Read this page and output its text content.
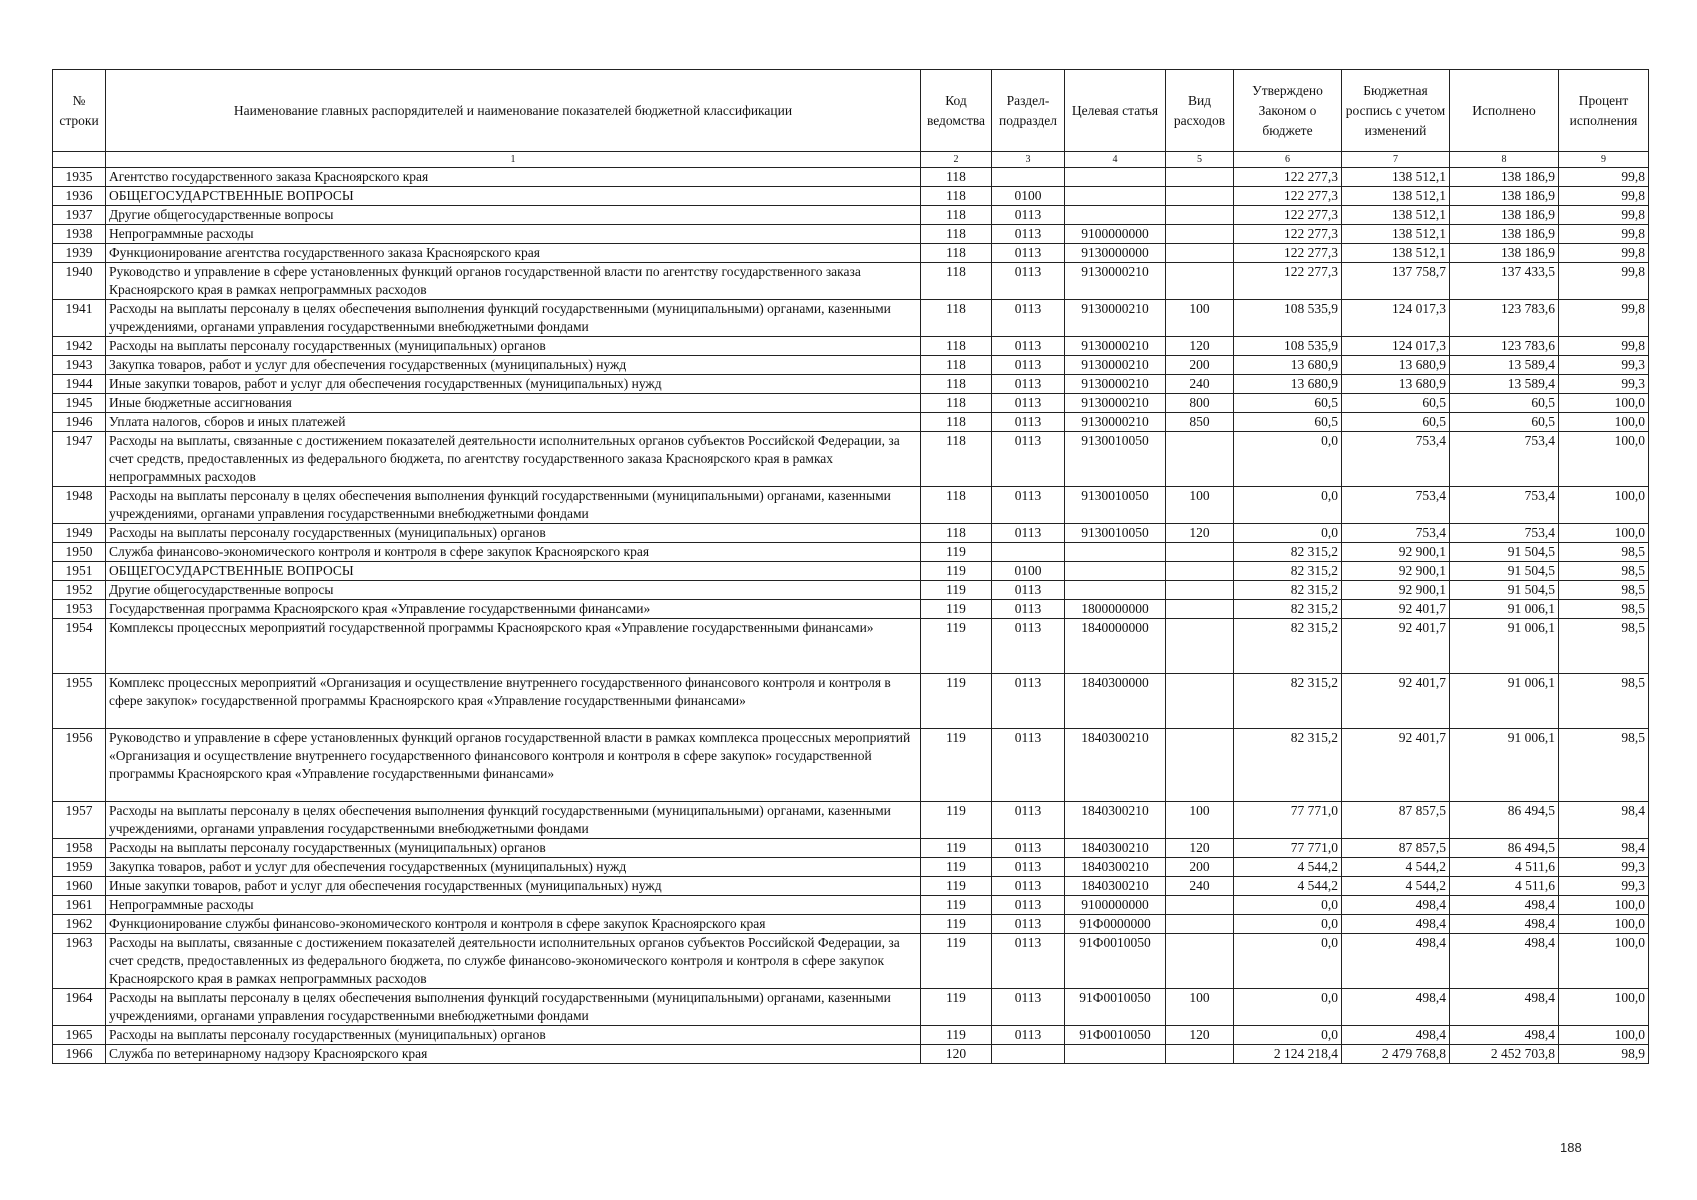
№ строки	Наименование главных распорядителей и наименование показателей бюджетной классификации	Код ведомства	Раздел-подраздел	Целевая статья	Вид расходов	Утверждено Законом о бюджете	Бюджетная роспись с учетом изменений	Исполнено	Процент исполнения
	1	2	3	4	5	6	7	8	9
1935	Агентство государственного заказа Красноярского края	118				122 277,3	138 512,1	138 186,9	99,8
1936	ОБЩЕГОСУДАРСТВЕННЫЕ ВОПРОСЫ	118	0100			122 277,3	138 512,1	138 186,9	99,8
1937	Другие общегосударственные вопросы	118	0113			122 277,3	138 512,1	138 186,9	99,8
1938	Непрограммные расходы	118	0113	9100000000		122 277,3	138 512,1	138 186,9	99,8
1939	Функционирование агентства государственного заказа Красноярского края	118	0113	9130000000		122 277,3	138 512,1	138 186,9	99,8
1940	Руководство и управление в сфере установленных функций органов государственной власти по агентству государственного заказа Красноярского края в рамках непрограммных расходов	118	0113	9130000210		122 277,3	137 758,7	137 433,5	99,8
1941	Расходы на выплаты персоналу в целях обеспечения выполнения функций государственными (муниципальными) органами, казенными учреждениями, органами управления государственными внебюджетными фондами	118	0113	9130000210	100	108 535,9	124 017,3	123 783,6	99,8
1942	Расходы на выплаты персоналу государственных (муниципальных) органов	118	0113	9130000210	120	108 535,9	124 017,3	123 783,6	99,8
1943	Закупка товаров, работ и услуг для обеспечения государственных (муниципальных) нужд	118	0113	9130000210	200	13 680,9	13 680,9	13 589,4	99,3
1944	Иные закупки товаров, работ и услуг для обеспечения государственных (муниципальных) нужд	118	0113	9130000210	240	13 680,9	13 680,9	13 589,4	99,3
1945	Иные бюджетные ассигнования	118	0113	9130000210	800	60,5	60,5	60,5	100,0
1946	Уплата налогов, сборов и иных платежей	118	0113	9130000210	850	60,5	60,5	60,5	100,0
1947	Расходы на выплаты, связанные с достижением показателей деятельности исполнительных органов субъектов Российской Федерации, за счет средств, предоставленных из федерального бюджета, по агентству государственного заказа Красноярского края в рамках непрограммных расходов	118	0113	9130010050		0,0	753,4	753,4	100,0
1948	Расходы на выплаты персоналу в целях обеспечения выполнения функций государственными (муниципальными) органами, казенными учреждениями, органами управления государственными внебюджетными фондами	118	0113	9130010050	100	0,0	753,4	753,4	100,0
1949	Расходы на выплаты персоналу государственных (муниципальных) органов	118	0113	9130010050	120	0,0	753,4	753,4	100,0
1950	Служба финансово-экономического контроля и контроля в сфере закупок Красноярского края	119				82 315,2	92 900,1	91 504,5	98,5
1951	ОБЩЕГОСУДАРСТВЕННЫЕ ВОПРОСЫ	119	0100			82 315,2	92 900,1	91 504,5	98,5
1952	Другие общегосударственные вопросы	119	0113			82 315,2	92 900,1	91 504,5	98,5
1953	Государственная программа Красноярского края «Управление государственными финансами»	119	0113	1800000000		82 315,2	92 401,7	91 006,1	98,5
1954	Комплексы процессных мероприятий государственной программы Красноярского края «Управление государственными финансами»	119	0113	1840000000		82 315,2	92 401,7	91 006,1	98,5
1955	Комплекс процессных мероприятий «Организация и осуществление внутреннего государственного финансового контроля и контроля в сфере закупок» государственной программы Красноярского края «Управление государственными финансами»	119	0113	1840300000		82 315,2	92 401,7	91 006,1	98,5
1956	Руководство и управление в сфере установленных функций органов государственной власти в рамках комплекса процессных мероприятий «Организация и осуществление внутреннего государственного финансового контроля и контроля в сфере закупок» государственной программы Красноярского края «Управление государственными финансами»	119	0113	1840300210		82 315,2	92 401,7	91 006,1	98,5
1957	Расходы на выплаты персоналу в целях обеспечения выполнения функций государственными (муниципальными) органами, казенными учреждениями, органами управления государственными внебюджетными фондами	119	0113	1840300210	100	77 771,0	87 857,5	86 494,5	98,4
1958	Расходы на выплаты персоналу государственных (муниципальных) органов	119	0113	1840300210	120	77 771,0	87 857,5	86 494,5	98,4
1959	Закупка товаров, работ и услуг для обеспечения государственных (муниципальных) нужд	119	0113	1840300210	200	4 544,2	4 544,2	4 511,6	99,3
1960	Иные закупки товаров, работ и услуг для обеспечения государственных (муниципальных) нужд	119	0113	1840300210	240	4 544,2	4 544,2	4 511,6	99,3
1961	Непрограммные расходы	119	0113	9100000000		0,0	498,4	498,4	100,0
1962	Функционирование службы финансово-экономического контроля и контроля в сфере закупок Красноярского края	119	0113	91Ф0000000		0,0	498,4	498,4	100,0
1963	Расходы на выплаты, связанные с достижением показателей деятельности исполнительных органов субъектов Российской Федерации, за счет средств, предоставленных из федерального бюджета, по службе финансово-экономического контроля и контроля в сфере закупок Красноярского края в рамках непрограммных расходов	119	0113	91Ф0010050		0,0	498,4	498,4	100,0
1964	Расходы на выплаты персоналу в целях обеспечения выполнения функций государственными (муниципальными) органами, казенными учреждениями, органами управления государственными внебюджетными фондами	119	0113	91Ф0010050	100	0,0	498,4	498,4	100,0
1965	Расходы на выплаты персоналу государственных (муниципальных) органов	119	0113	91Ф0010050	120	0,0	498,4	498,4	100,0
1966	Служба по ветеринарному надзору Красноярского края	120				2 124 218,4	2 479 768,8	2 452 703,8	98,9
188
